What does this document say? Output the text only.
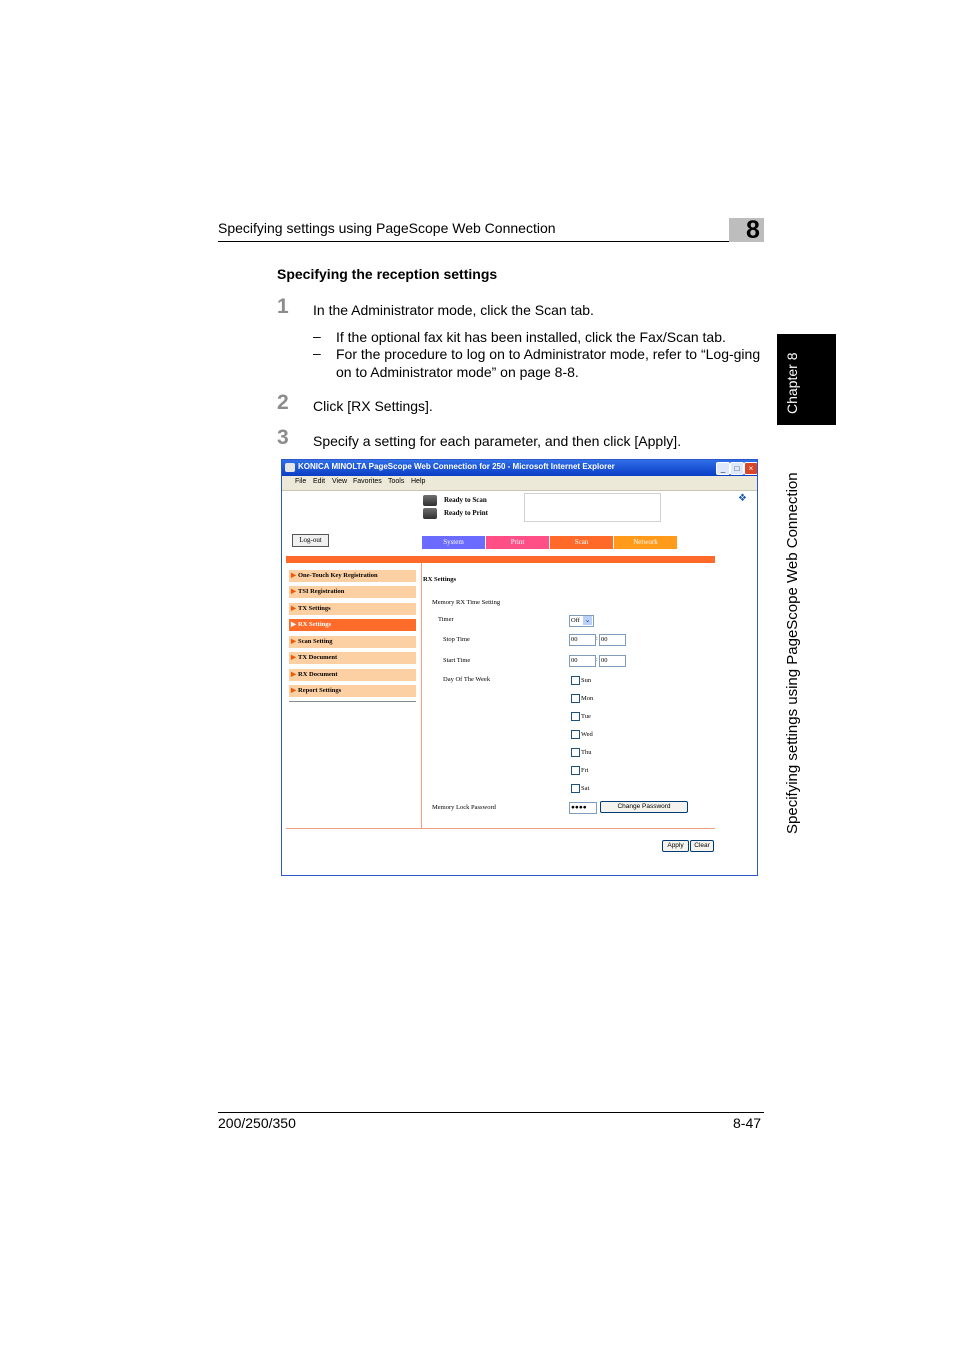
Specifying settings using PageScope Web Connection	8
Chapter 8
Specifying settings using PageScope Web Connection
Specifying the reception settings
1 In the Administrator mode, click the Scan tab.
– If the optional fax kit has been installed, click the Fax/Scan tab.
– For the procedure to log on to Administrator mode, refer to “Log-ging on to Administrator mode” on page 8-8.
2 Click [RX Settings].
3 Specify a setting for each parameter, and then click [Apply].
KONICA MINOLTA PageScope Web Connection for 250 - Microsoft Internet Explorer	_	□	×
File Edit View Favorites Tools Help
❖
Ready to Scan
Ready to Print
Log-out	System	Print	Scan	Network
▶ One-Touch Key Registration
▶ TSI Registration
▶ TX Settings
▶ RX Settings
▶ Scan Setting
▶ TX Document
▶ RX Document
▶ Report Settings
RX Settings
Memory RX Time Setting
Timer	Off ⌄
Stop Time	00	: 00
Start Time	00	: 00
Day Of The Week	Sun
Mon
Tue
Wed
Thu
Fri
Sat
Memory Lock Password	●●●●	Change Password
Apply	Clear
200/250/350	8-47
